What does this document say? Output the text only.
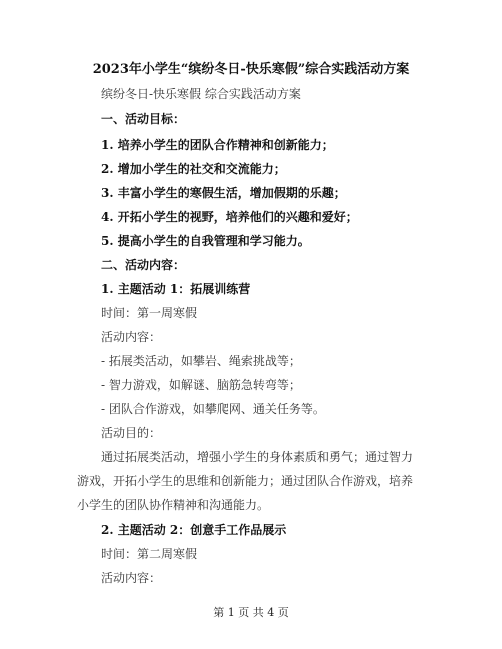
2023年小学生“缤纷冬日-快乐寒假”综合实践活动方案
缤纷冬日-快乐寒假 综合实践活动方案
一、活动目标：
1. 培养小学生的团队合作精神和创新能力；
2. 增加小学生的社交和交流能力；
3. 丰富小学生的寒假生活，增加假期的乐趣；
4. 开拓小学生的视野，培养他们的兴趣和爱好；
5. 提高小学生的自我管理和学习能力。
二、活动内容：
1. 主题活动 1：拓展训练营
时间：第一周寒假
活动内容：
- 拓展类活动，如攀岩、绳索挑战等；
- 智力游戏，如解谜、脑筋急转弯等；
- 团队合作游戏，如攀爬网、通关任务等。
活动目的：
通过拓展类活动，增强小学生的身体素质和勇气；通过智力
游戏，开拓小学生的思维和创新能力；通过团队合作游戏，培养
小学生的团队协作精神和沟通能力。
2. 主题活动 2：创意手工作品展示
时间：第二周寒假
活动内容：
第 1 页 共 4 页
